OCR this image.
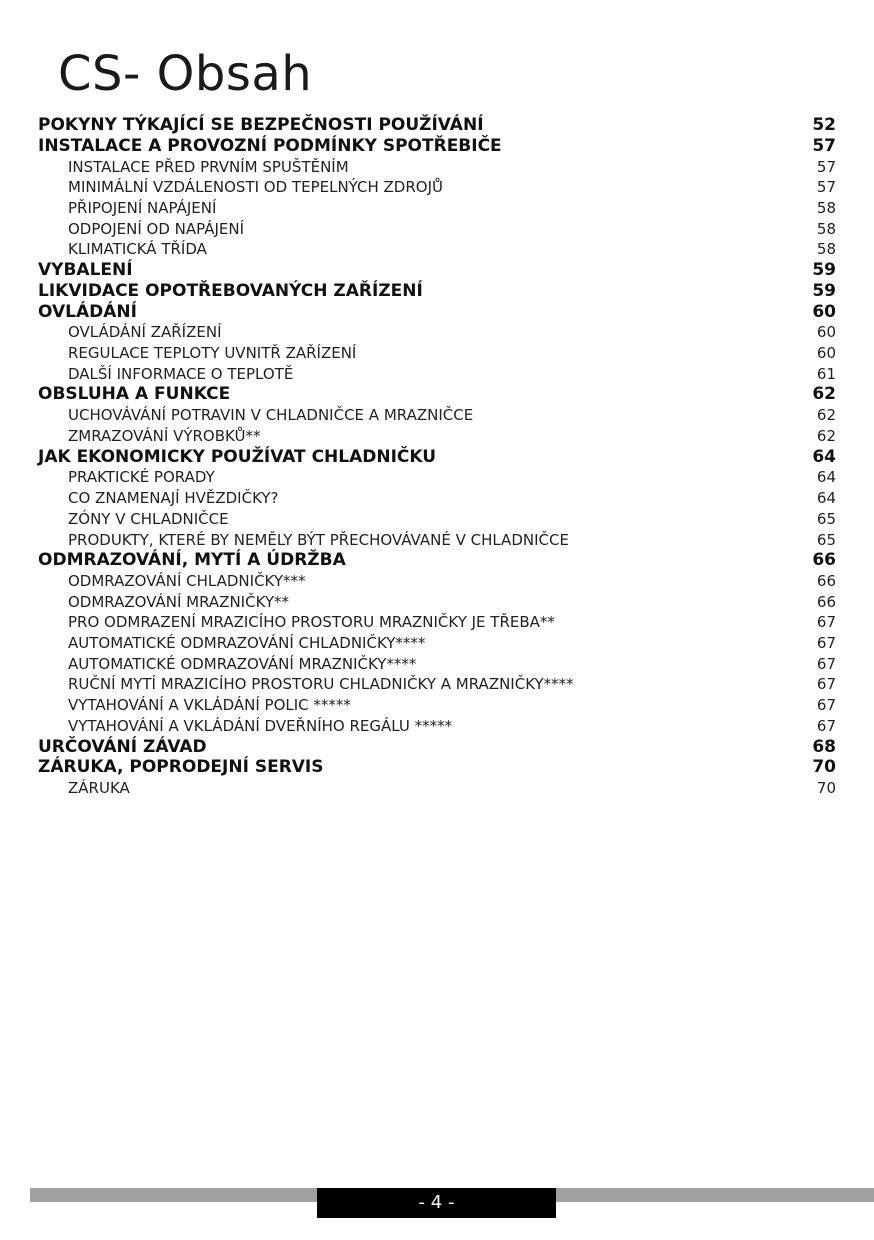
CS- Obsah
POKYNY TÝKAJÍCÍ SE BEZPEČNOSTI POUŽÍVÁNÍ	52
INSTALACE A PROVOZNÍ PODMÍNKY SPOTŘEBIČE	57
INSTALACE PŘED PRVNÍM SPUŠTĚNÍM	57
MINIMÁLNÍ VZDÁLENOSTI OD TEPELNÝCH ZDROJŮ	57
PŘIPOJENÍ NAPÁJENÍ	58
ODPOJENÍ OD NAPÁJENÍ	58
KLIMATICKÁ TŘÍDA	58
VYBALENÍ	59
LIKVIDACE OPOTŘEBOVANÝCH ZAŘÍZENÍ	59
OVLÁDÁNÍ	60
OVLÁDÁNÍ ZAŘÍZENÍ	60
REGULACE TEPLOTY UVNITŘ ZAŘÍZENÍ	60
DALŠÍ INFORMACE O TEPLOTĚ	61
OBSLUHA A FUNKCE	62
UCHOVÁVÁNÍ POTRAVIN V CHLADNIČCE A MRAZNIČCE	62
ZMRAZOVÁNÍ VÝROBKŮ**	62
JAK EKONOMICKY POUŽÍVAT CHLADNIČKU	64
PRAKTICKÉ PORADY	64
CO ZNAMENAJÍ HVĚZDIČKY?	64
ZÓNY V CHLADNIČCE	65
PRODUKTY, KTERÉ BY NEMĚLY BÝT PŘECHOVÁVANÉ V CHLADNIČCE	65
ODMRAZOVÁNÍ, MYTÍ A ÚDRŽBA	66
ODMRAZOVÁNÍ CHLADNIČKY***	66
ODMRAZOVÁNÍ MRAZNIČKY**	66
PRO ODMRAZENÍ MRAZICÍHO PROSTORU MRAZNIČKY JE TŘEBA**	67
AUTOMATICKÉ ODMRAZOVÁNÍ CHLADNIČKY****	67
AUTOMATICKÉ ODMRAZOVÁNÍ MRAZNIČKY****	67
RUČNÍ MYTÍ MRAZICÍHO PROSTORU CHLADNIČKY A MRAZNIČKY****	67
VYTAHOVÁNÍ A VKLÁDÁNÍ POLIC *****	67
VYTAHOVÁNÍ A VKLÁDÁNÍ DVEŘNÍHO REGÁLU *****	67
URČOVÁNÍ ZÁVAD	68
ZÁRUKA, POPRODEJNÍ SERVIS	70
ZÁRUKA	70
- 4 -
